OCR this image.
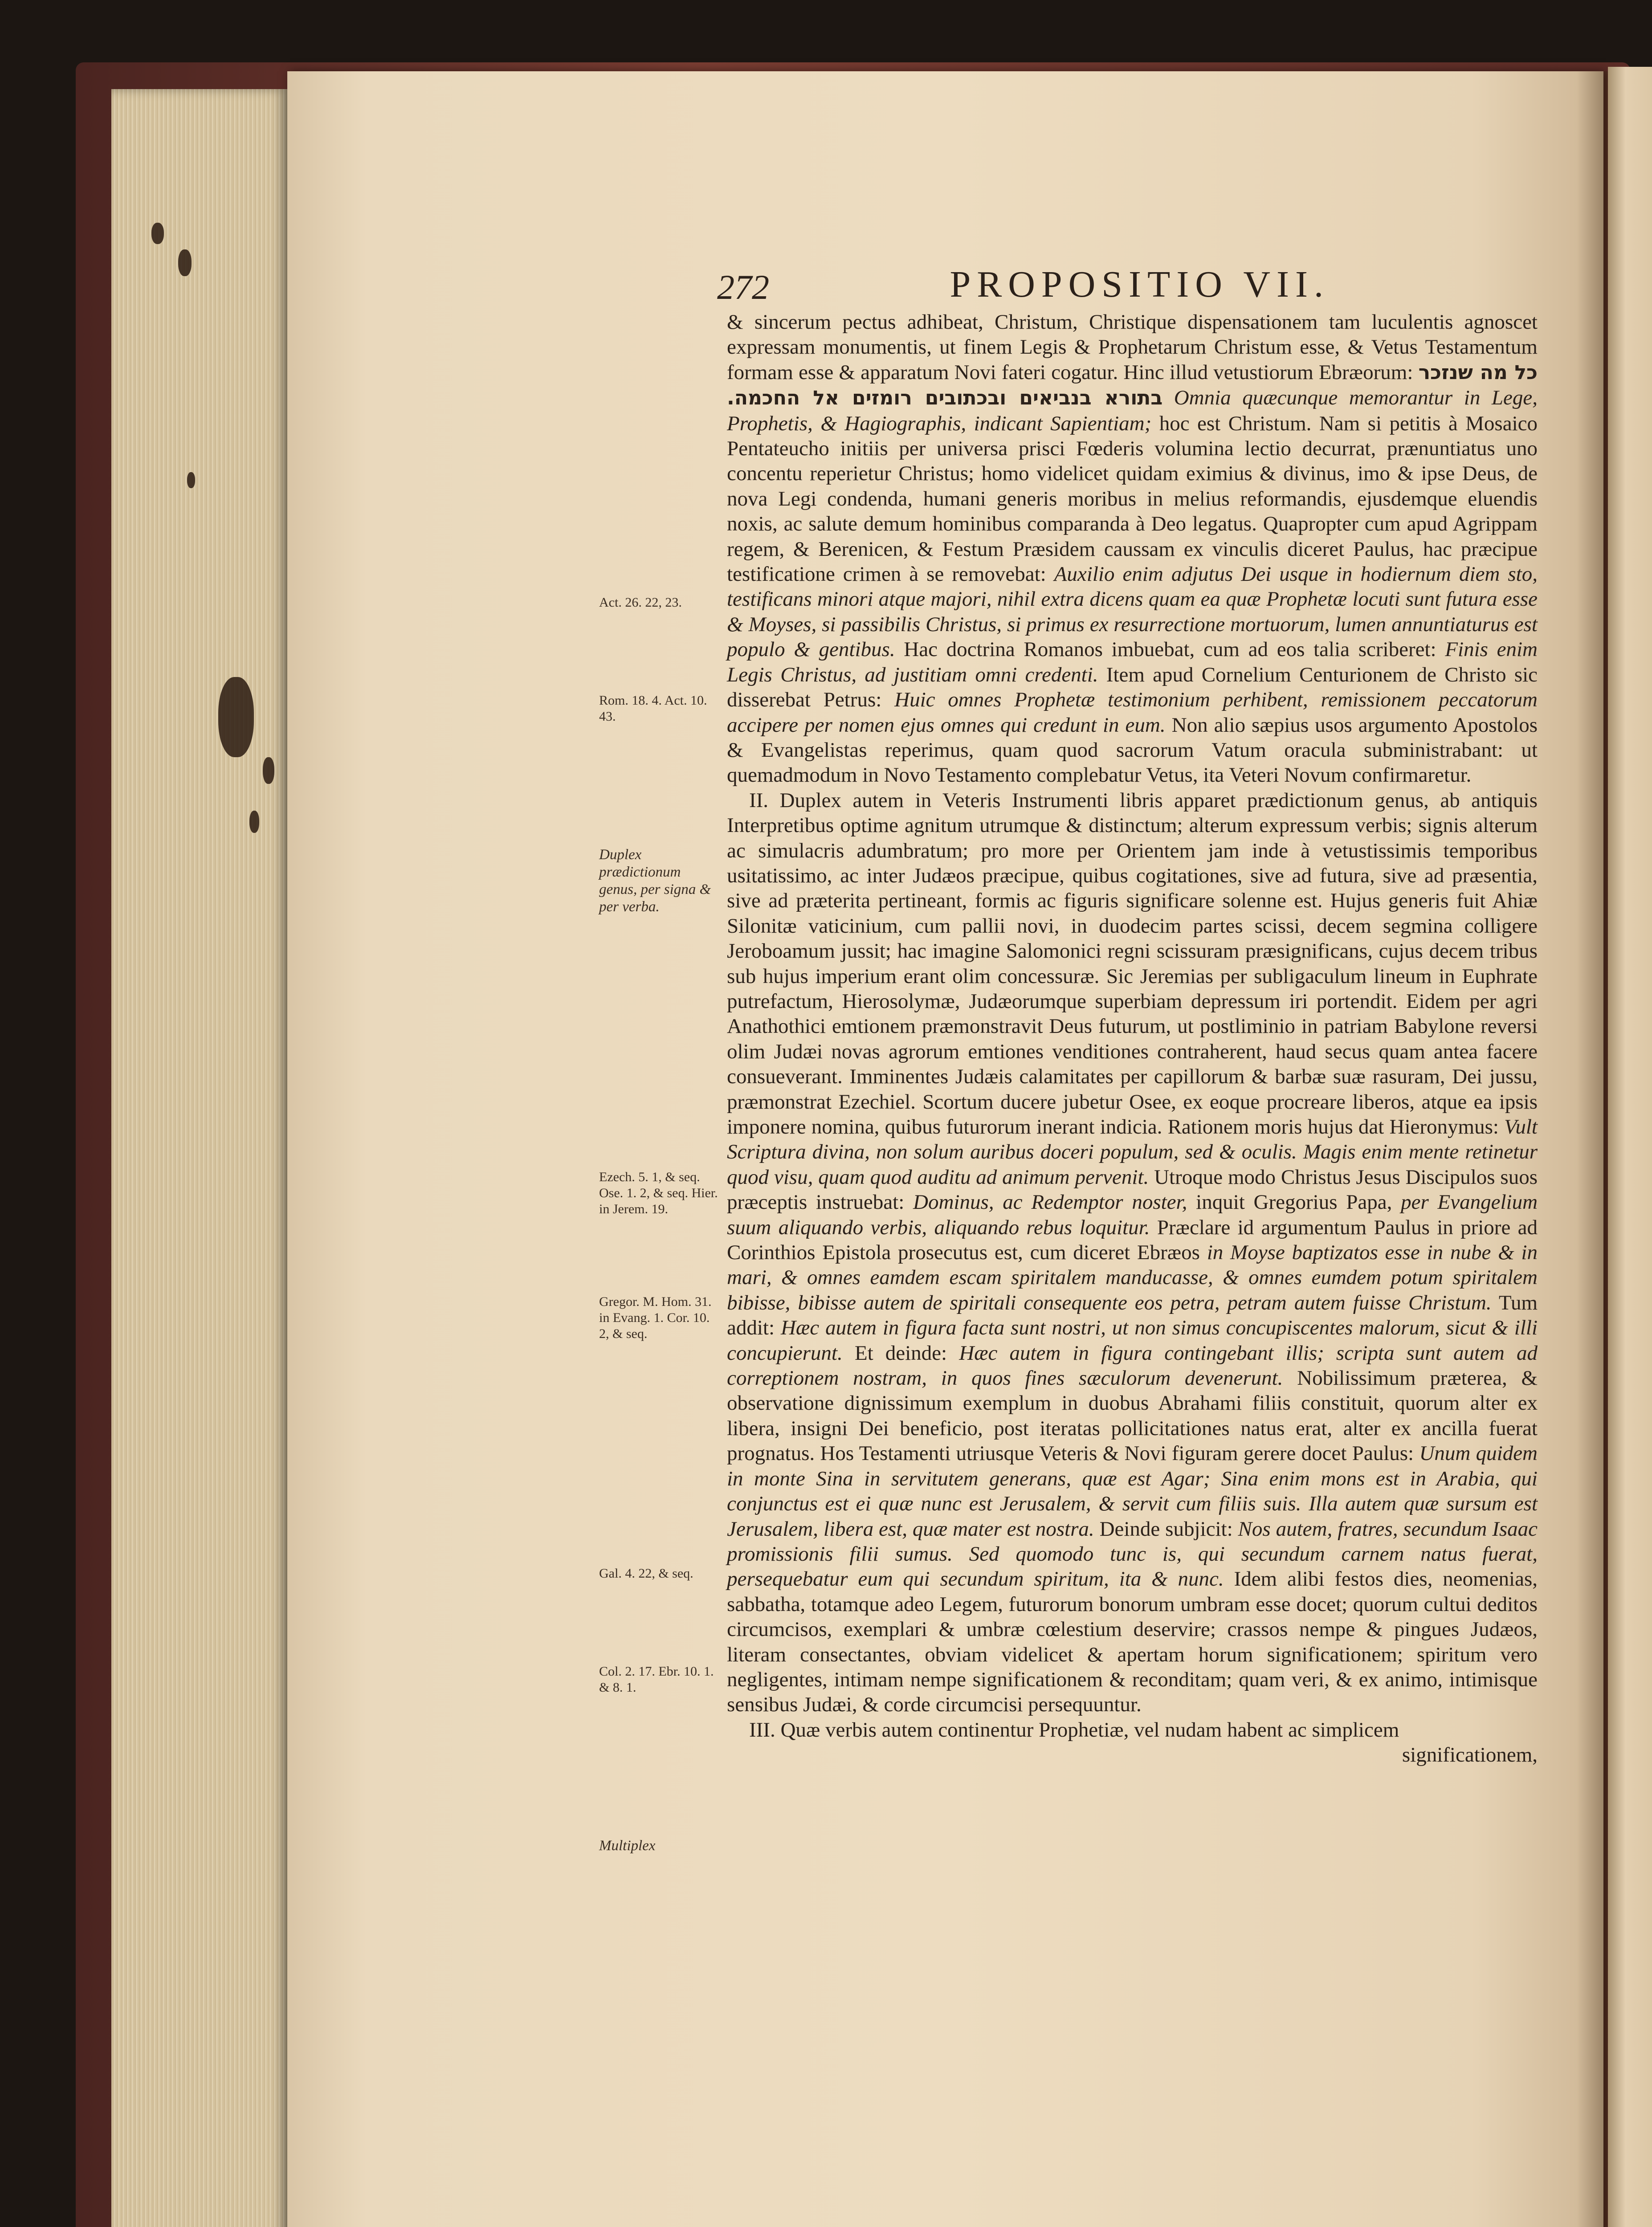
272	PROPOSITIO VII.
Act. 26. 22, 23.
Rom. 18. 4. Act. 10. 43.
Duplex prædictionum genus, per signa & per verba.
Ezech. 5. 1, & seq. Ose. 1. 2, & seq. Hier. in Jerem. 19.
Gregor. M. Hom. 31. in Evang. 1. Cor. 10. 2, & seq.
Gal. 4. 22, & seq.
Col. 2. 17. Ebr. 10. 1. & 8. 1.
Multiplex

& sincerum pectus adhibeat, Christum, Christique dispensationem tam luculentis agnoscet expressam monumentis, ut finem Legis & Prophetarum Christum esse, & Vetus Testamentum formam esse & apparatum Novi fateri cogatur. Hinc illud vetustiorum Ebræorum: כל מה שנזכר בתורא בנביאים ובכתובים רומזים אל החכמה. Omnia quæcunque memorantur in Lege, Prophetis, & Hagiographis, indicant Sapientiam; hoc est Christum. Nam si petitis à Mosaico Pentateucho initiis per universa prisci Fœderis volumina lectio decurrat, prænuntiatus uno concentu reperietur Christus; homo videlicet quidam eximius & divinus, imo & ipse Deus, de nova Legi condenda, humani generis moribus in melius reformandis, ejusdemque eluendis noxis, ac salute demum hominibus comparanda à Deo legatus. Quapropter cum apud Agrippam regem, & Berenicen, & Festum Præsidem caussam ex vinculis diceret Paulus, hac præcipue testificatione crimen à se removebat: Auxilio enim adjutus Dei usque in hodiernum diem sto, testificans minori atque majori, nihil extra dicens quam ea quæ Prophetæ locuti sunt futura esse & Moyses, si passibilis Christus, si primus ex resurrectione mortuorum, lumen annuntiaturus est populo & gentibus. Hac doctrina Romanos imbuebat, cum ad eos talia scriberet: Finis enim Legis Christus, ad justitiam omni credenti. Item apud Cornelium Centurionem de Christo sic disserebat Petrus: Huic omnes Prophetæ testimonium perhibent, remissionem peccatorum accipere per nomen ejus omnes qui credunt in eum. Non alio sæpius usos argumento Apostolos & Evangelistas reperimus, quam quod sacrorum Vatum oracula subministrabant: ut quemadmodum in Novo Testamento complebatur Vetus, ita Veteri Novum confirmaretur.

II. Duplex autem in Veteris Instrumenti libris apparet prædictionum genus, ab antiquis Interpretibus optime agnitum utrumque & distinctum; alterum expressum verbis; signis alterum ac simulacris adumbratum; pro more per Orientem jam inde à vetustissimis temporibus usitatissimo, ac inter Judæos præcipue, quibus cogitationes, sive ad futura, sive ad præsentia, sive ad præterita pertineant, formis ac figuris significare solenne est. Hujus generis fuit Ahiæ Silonitæ vaticinium, cum pallii novi, in duodecim partes scissi, decem segmina colligere Jeroboamum jussit; hac imagine Salomonici regni scissuram præsignificans, cujus decem tribus sub hujus imperium erant olim concessuræ. Sic Jeremias per subligaculum lineum in Euphrate putrefactum, Hierosolymæ, Judæorumque superbiam depressum iri portendit. Eidem per agri Anathothici emtionem præmonstravit Deus futurum, ut postliminio in patriam Babylone reversi olim Judæi novas agrorum emtiones venditiones contraherent, haud secus quam antea facere consueverant. Imminentes Judæis calamitates per capillorum & barbæ suæ rasuram, Dei jussu, præmonstrat Ezechiel. Scortum ducere jubetur Osee, ex eoque procreare liberos, atque ea ipsis imponere nomina, quibus futurorum inerant indicia. Rationem moris hujus dat Hieronymus: Vult Scriptura divina, non solum auribus doceri populum, sed & oculis. Magis enim mente retinetur quod visu, quam quod auditu ad animum pervenit. Utroque modo Christus Jesus Discipulos suos præceptis instruebat: Dominus, ac Redemptor noster, inquit Gregorius Papa, per Evangelium suum aliquando verbis, aliquando rebus loquitur. Præclare id argumentum Paulus in priore ad Corinthios Epistola prosecutus est, cum diceret Ebræos in Moyse baptizatos esse in nube & in mari, & omnes eamdem escam spiritalem manducasse, & omnes eumdem potum spiritalem bibisse, bibisse autem de spiritali consequente eos petra, petram autem fuisse Christum. Tum addit: Hæc autem in figura facta sunt nostri, ut non simus concupiscentes malorum, sicut & illi concupierunt. Et deinde: Hæc autem in figura contingebant illis; scripta sunt autem ad correptionem nostram, in quos fines sæculorum devenerunt. Nobilissimum præterea, & observatione dignissimum exemplum in duobus Abrahami filiis constituit, quorum alter ex libera, insigni Dei beneficio, post iteratas pollicitationes natus erat, alter ex ancilla fuerat prognatus. Hos Testamenti utriusque Veteris & Novi figuram gerere docet Paulus: Unum quidem in monte Sina in servitutem generans, quæ est Agar; Sina enim mons est in Arabia, qui conjunctus est ei quæ nunc est Jerusalem, & servit cum filiis suis. Illa autem quæ sursum est Jerusalem, libera est, quæ mater est nostra. Deinde subjicit: Nos autem, fratres, secundum Isaac promissionis filii sumus. Sed quomodo tunc is, qui secundum carnem natus fuerat, persequebatur eum qui secundum spiritum, ita & nunc. Idem alibi festos dies, neomenias, sabbatha, totamque adeo Legem, futurorum bonorum umbram esse docet; quorum cultui deditos circumcisos, exemplari & umbræ cœlestium deservire; crassos nempe & pingues Judæos, literam consectantes, obviam videlicet & apertam horum significationem; spiritum vero negligentes, intimam nempe significationem & reconditam; quam veri, & ex animo, intimisque sensibus Judæi, & corde circumcisi persequuntur.

III. Quæ verbis autem continentur Prophetiæ, vel nudam habent ac simplicem

significationem,
